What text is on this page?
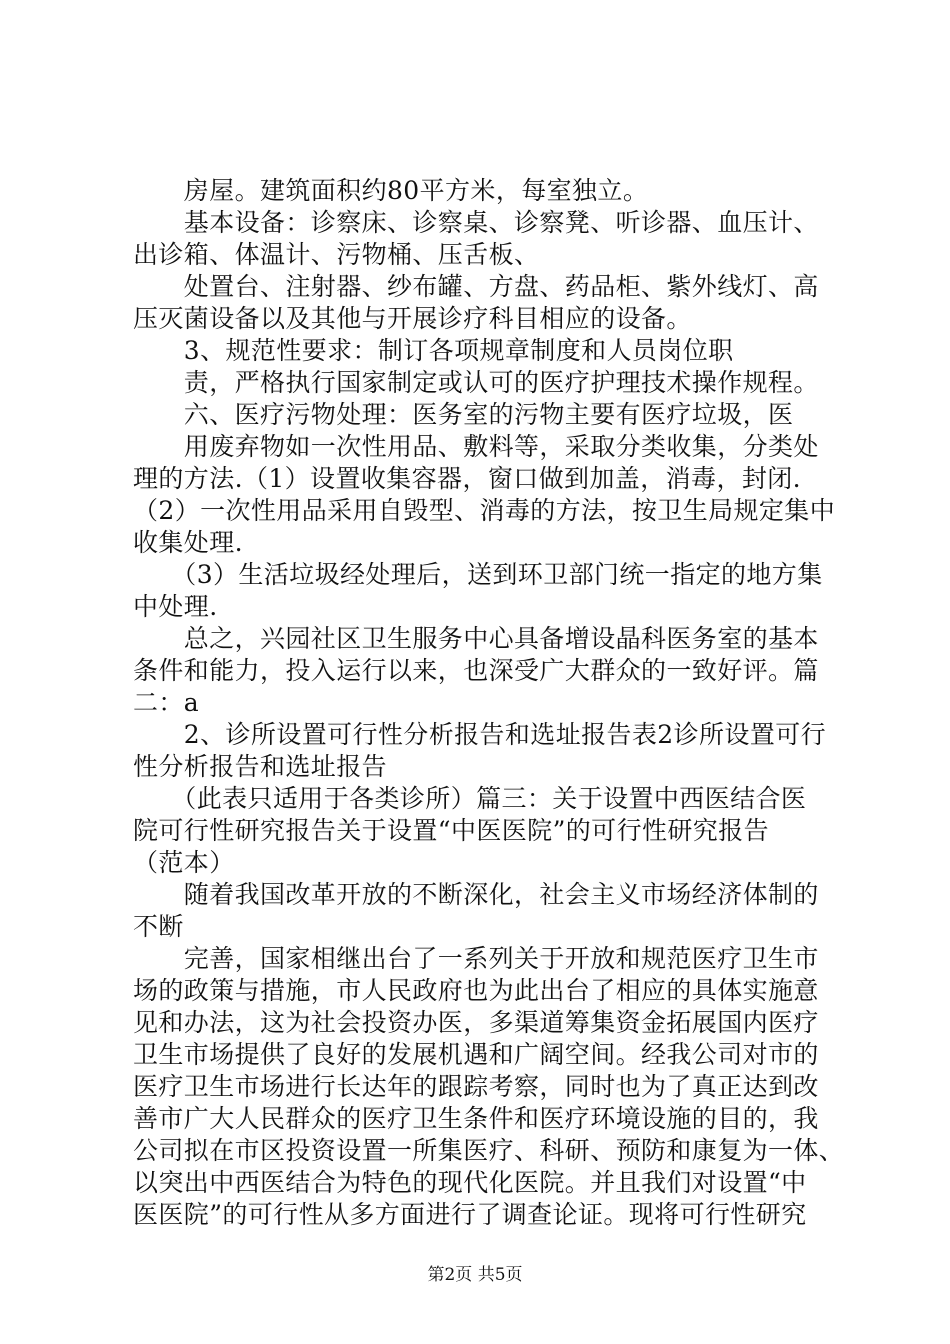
　　房屋。建筑面积约80平方米，每室独立。
　　基本设备：诊察床、诊察桌、诊察凳、听诊器、血压计、
出诊箱、体温计、污物桶、压舌板、
　　处置台、注射器、纱布罐、方盘、药品柜、紫外线灯、高
压灭菌设备以及其他与开展诊疗科目相应的设备。
　　3、规范性要求：制订各项规章制度和人员岗位职
　　责，严格执行国家制定或认可的医疗护理技术操作规程。
　　六、医疗污物处理：医务室的污物主要有医疗垃圾，医
　　用废弃物如一次性用品、敷料等，采取分类收集，分类处
理的方法.（1）设置收集容器，窗口做到加盖，消毒，封闭.
（2）一次性用品采用自毁型、消毒的方法，按卫生局规定集中
收集处理.
　　（3）生活垃圾经处理后，送到环卫部门统一指定的地方集
中处理.
　　总之，兴园社区卫生服务中心具备增设晶科医务室的基本
条件和能力，投入运行以来，也深受广大群众的一致好评。篇
二：a
　　2、诊所设置可行性分析报告和选址报告表2诊所设置可行
性分析报告和选址报告
　　（此表只适用于各类诊所）篇三：关于设置中西医结合医
院可行性研究报告关于设置“中医医院”的可行性研究报告
（范本）
　　随着我国改革开放的不断深化，社会主义市场经济体制的
不断
　　完善，国家相继出台了一系列关于开放和规范医疗卫生市
场的政策与措施，市人民政府也为此出台了相应的具体实施意
见和办法，这为社会投资办医，多渠道筹集资金拓展国内医疗
卫生市场提供了良好的发展机遇和广阔空间。经我公司对市的
医疗卫生市场进行长达年的跟踪考察，同时也为了真正达到改
善市广大人民群众的医疗卫生条件和医疗环境设施的目的，我
公司拟在市区投资设置一所集医疗、科研、预防和康复为一体、
以突出中西医结合为特色的现代化医院。并且我们对设置“中
医医院”的可行性从多方面进行了调查论证。现将可行性研究
第2页 共5页
